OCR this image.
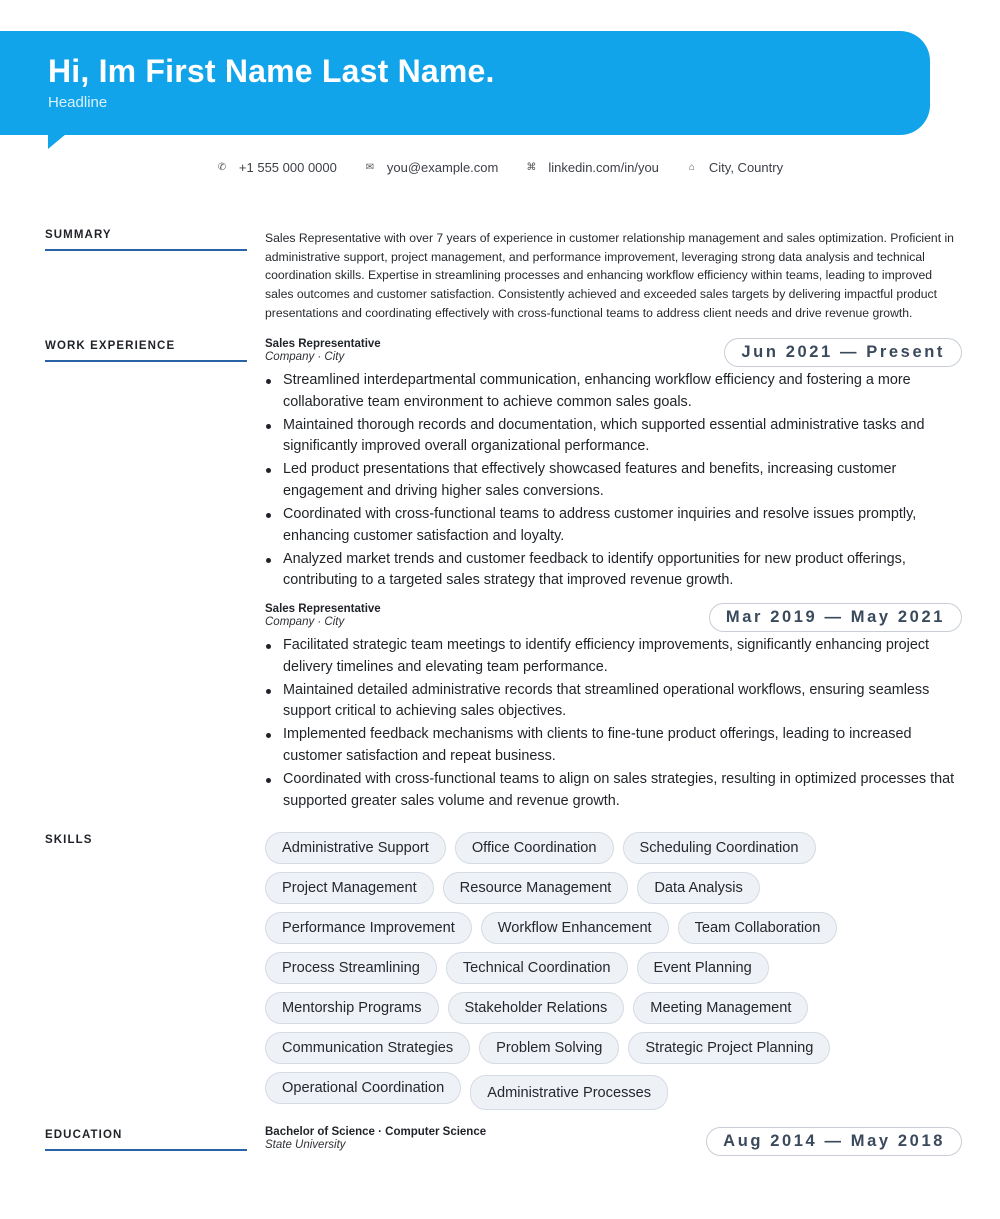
Hi, Im First Name Last Name.
Headline
✆ +1 555 000 0000	✉ you@example.com	⌘ linkedin.com/in/you	⌂ City, Country
SUMMARY	Sales Representative with over 7 years of experience in customer relationship management and sales optimization. Proficient in administrative support, project management, and performance improvement, leveraging strong data analysis and technical coordination skills. Expertise in streamlining processes and enhancing workflow efficiency within teams, leading to improved sales outcomes and customer satisfaction. Consistently achieved and exceeded sales targets by delivering impactful product presentations and coordinating effectively with cross-functional teams to address client needs and drive revenue growth.
WORK EXPERIENCE	Sales Representative
Company · City	Jun 2021 — Present
Streamlined interdepartmental communication, enhancing workflow efficiency and fostering a more collaborative team environment to achieve common sales goals.
Maintained thorough records and documentation, which supported essential administrative tasks and significantly improved overall organizational performance.
Led product presentations that effectively showcased features and benefits, increasing customer engagement and driving higher sales conversions.
Coordinated with cross-functional teams to address customer inquiries and resolve issues promptly, enhancing customer satisfaction and loyalty.
Analyzed market trends and customer feedback to identify opportunities for new product offerings, contributing to a targeted sales strategy that improved revenue growth.
Sales Representative
Company · City	Mar 2019 — May 2021
Facilitated strategic team meetings to identify efficiency improvements, significantly enhancing project delivery timelines and elevating team performance.
Maintained detailed administrative records that streamlined operational workflows, ensuring seamless support critical to achieving sales objectives.
Implemented feedback mechanisms with clients to fine-tune product offerings, leading to increased customer satisfaction and repeat business.
Coordinated with cross-functional teams to align on sales strategies, resulting in optimized processes that supported greater sales volume and revenue growth.
SKILLS	Administrative Support	Office Coordination	Scheduling Coordination
Project Management	Resource Management	Data Analysis
Performance Improvement	Workflow Enhancement	Team Collaboration
Process Streamlining	Technical Coordination	Event Planning
Mentorship Programs	Stakeholder Relations	Meeting Management
Communication Strategies	Problem Solving	Strategic Project Planning
Operational Coordination	Administrative Processes
EDUCATION	Bachelor of Science · Computer Science
State University	Aug 2014 — May 2018
